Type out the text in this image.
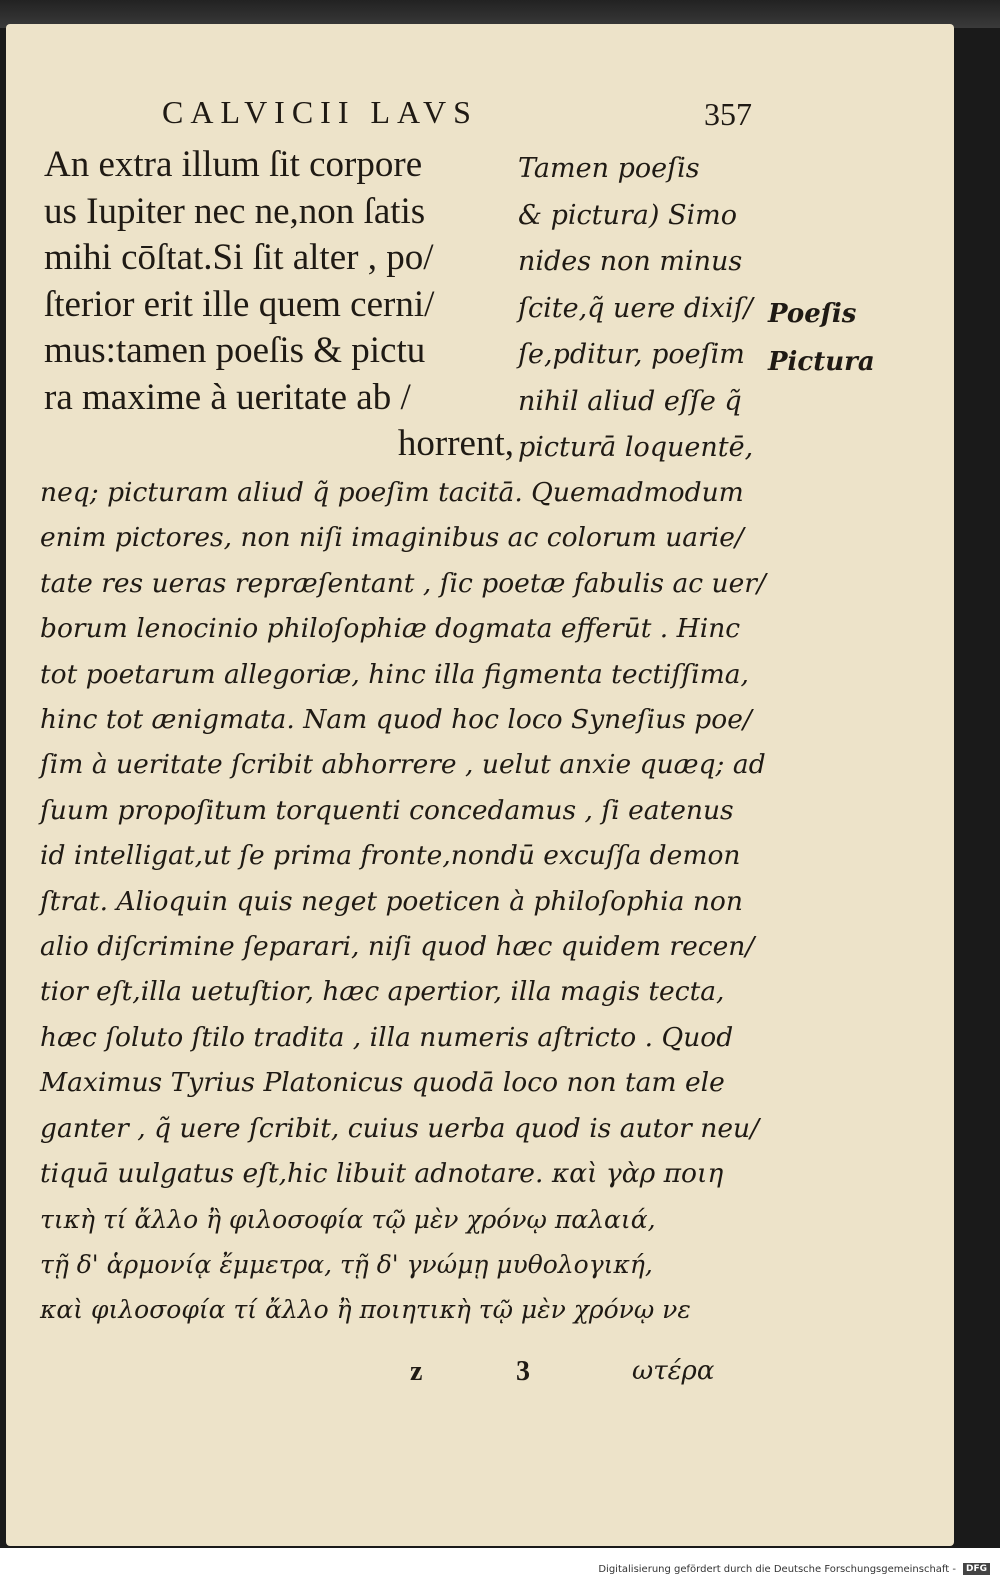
CALVICII LAVS	357
An extra illum ſit corpore
us Iupiter nec ne,non ſatis
mihi cōſtat.Si ſit alter , po/
ſterior erit ille quem cerni/
mus:tamen poeſis & pictu
ra maxime à ueritate ab /
horrent,
Tamen poeſis
& pictura) Simo
nides non minus
ſcite,q̃ uere dixiſ/
ſe,pditur, poeſim
nihil aliud eſſe q̃
picturā loquentē,
Poeſis
Pictura
neq; picturam aliud q̃ poeſim tacitā. Quemadmodum
enim pictores, non niſi imaginibus ac colorum uarie/
tate res ueras repræſentant , ſic poetæ fabulis ac uer/
borum lenocinio philoſophiæ dogmata efferūt . Hinc
tot poetarum allegoriæ, hinc illa figmenta tectiſſima,
hinc tot ænigmata. Nam quod hoc loco Syneſius poe/
ſim à ueritate ſcribit abhorrere , uelut anxie quæq; ad
ſuum propoſitum torquenti concedamus , ſi eatenus
id intelligat,ut ſe prima fronte,nondū excuſſa demon
ſtrat. Alioquin quis neget poeticen à philoſophia non
alio diſcrimine ſeparari, niſi quod hæc quidem recen/
tior eſt,illa uetuſtior, hæc apertior, illa magis tecta,
hæc ſoluto ſtilo tradita , illa numeris aſtricto . Quod
Maximus Tyrius Platonicus quodā loco non tam ele
ganter , q̃ uere ſcribit, cuius uerba quod is autor neu/
tiquā uulgatus eſt,hic libuit adnotare. καὶ γὰρ ποιη
τικὴ τί ἄλλο ἢ φιλοσοφία τῷ μὲν χρόνῳ παλαιά,
τῇ δ' ἁρμονίᾳ ἔμμετρα, τῇ δ' γνώμῃ μυθολογική,
καὶ φιλοσοφία τί ἄλλο ἢ ποιητικὴ τῷ μὲν χρόνῳ νε
z	3	ωτέρα
Digitalisierung gefördert durch die Deutsche Forschungsgemeinschaft -	DFG
